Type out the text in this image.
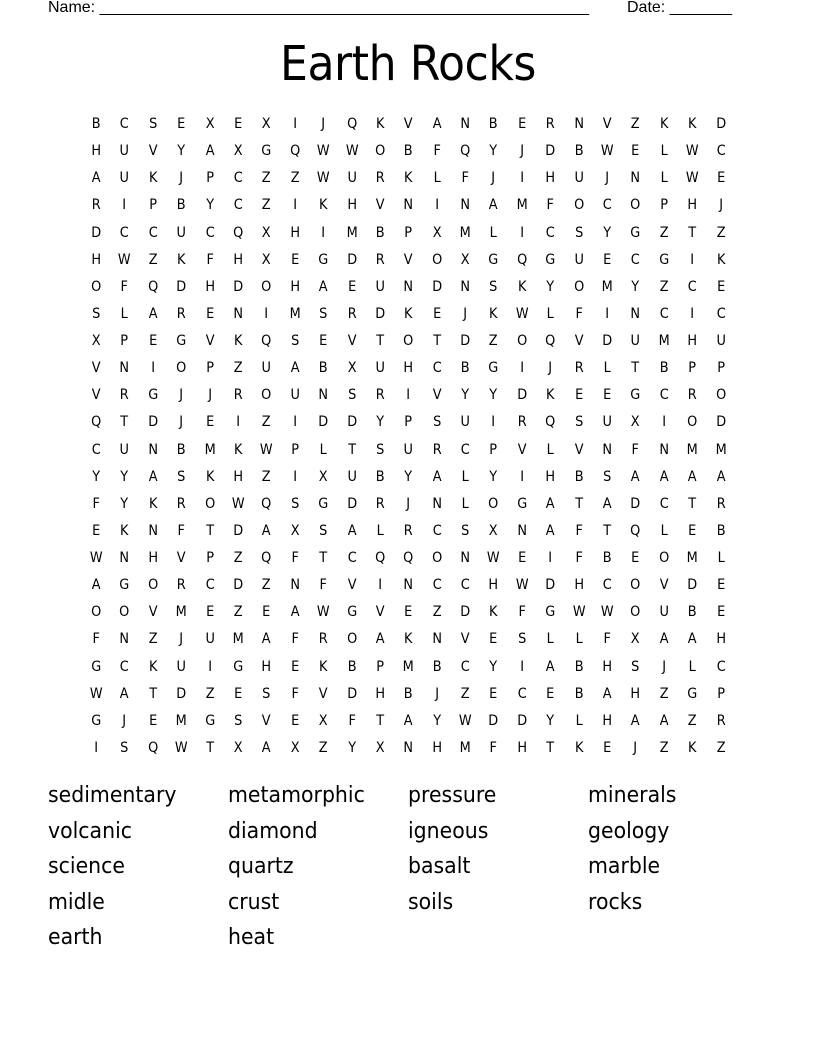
Name: _______________________________________________________

Date: _______

Earth Rocks
B	C	S	E	X	E	X	I	J	Q	K	V	A	N	B	E	R	N	V	Z	K	K	D
H	U	V	Y	A	X	G	Q	W	W	O	B	F	Q	Y	J	D	B	W	E	L	W	C
A	U	K	J	P	C	Z	Z	W	U	R	K	L	F	J	I	H	U	J	N	L	W	E
R	I	P	B	Y	C	Z	I	K	H	V	N	I	N	A	M	F	O	C	O	P	H	J
D	C	C	U	C	Q	X	H	I	M	B	P	X	M	L	I	C	S	Y	G	Z	T	Z
H	W	Z	K	F	H	X	E	G	D	R	V	O	X	G	Q	G	U	E	C	G	I	K
O	F	Q	D	H	D	O	H	A	E	U	N	D	N	S	K	Y	O	M	Y	Z	C	E
S	L	A	R	E	N	I	M	S	R	D	K	E	J	K	W	L	F	I	N	C	I	C
X	P	E	G	V	K	Q	S	E	V	T	O	T	D	Z	O	Q	V	D	U	M	H	U
V	N	I	O	P	Z	U	A	B	X	U	H	C	B	G	I	J	R	L	T	B	P	P
V	R	G	J	J	R	O	U	N	S	R	I	V	Y	Y	D	K	E	E	G	C	R	O
Q	T	D	J	E	I	Z	I	D	D	Y	P	S	U	I	R	Q	S	U	X	I	O	D
C	U	N	B	M	K	W	P	L	T	S	U	R	C	P	V	L	V	N	F	N	M	M
Y	Y	A	S	K	H	Z	I	X	U	B	Y	A	L	Y	I	H	B	S	A	A	A	A
F	Y	K	R	O	W	Q	S	G	D	R	J	N	L	O	G	A	T	A	D	C	T	R
E	K	N	F	T	D	A	X	S	A	L	R	C	S	X	N	A	F	T	Q	L	E	B
W	N	H	V	P	Z	Q	F	T	C	Q	Q	O	N	W	E	I	F	B	E	O	M	L
A	G	O	R	C	D	Z	N	F	V	I	N	C	C	H	W	D	H	C	O	V	D	E
O	O	V	M	E	Z	E	A	W	G	V	E	Z	D	K	F	G	W	W	O	U	B	E
F	N	Z	J	U	M	A	F	R	O	A	K	N	V	E	S	L	L	F	X	A	A	H
G	C	K	U	I	G	H	E	K	B	P	M	B	C	Y	I	A	B	H	S	J	L	C
W	A	T	D	Z	E	S	F	V	D	H	B	J	Z	E	C	E	B	A	H	Z	G	P
G	J	E	M	G	S	V	E	X	F	T	A	Y	W	D	D	Y	L	H	A	A	Z	R
I	S	Q	W	T	X	A	X	Z	Y	X	N	H	M	F	H	T	K	E	J	Z	K	Z
sedimentary	metamorphic	pressure	minerals
volcanic	diamond	igneous	geology
science	quartz	basalt	marble
midle	crust	soils	rocks
earth	heat
